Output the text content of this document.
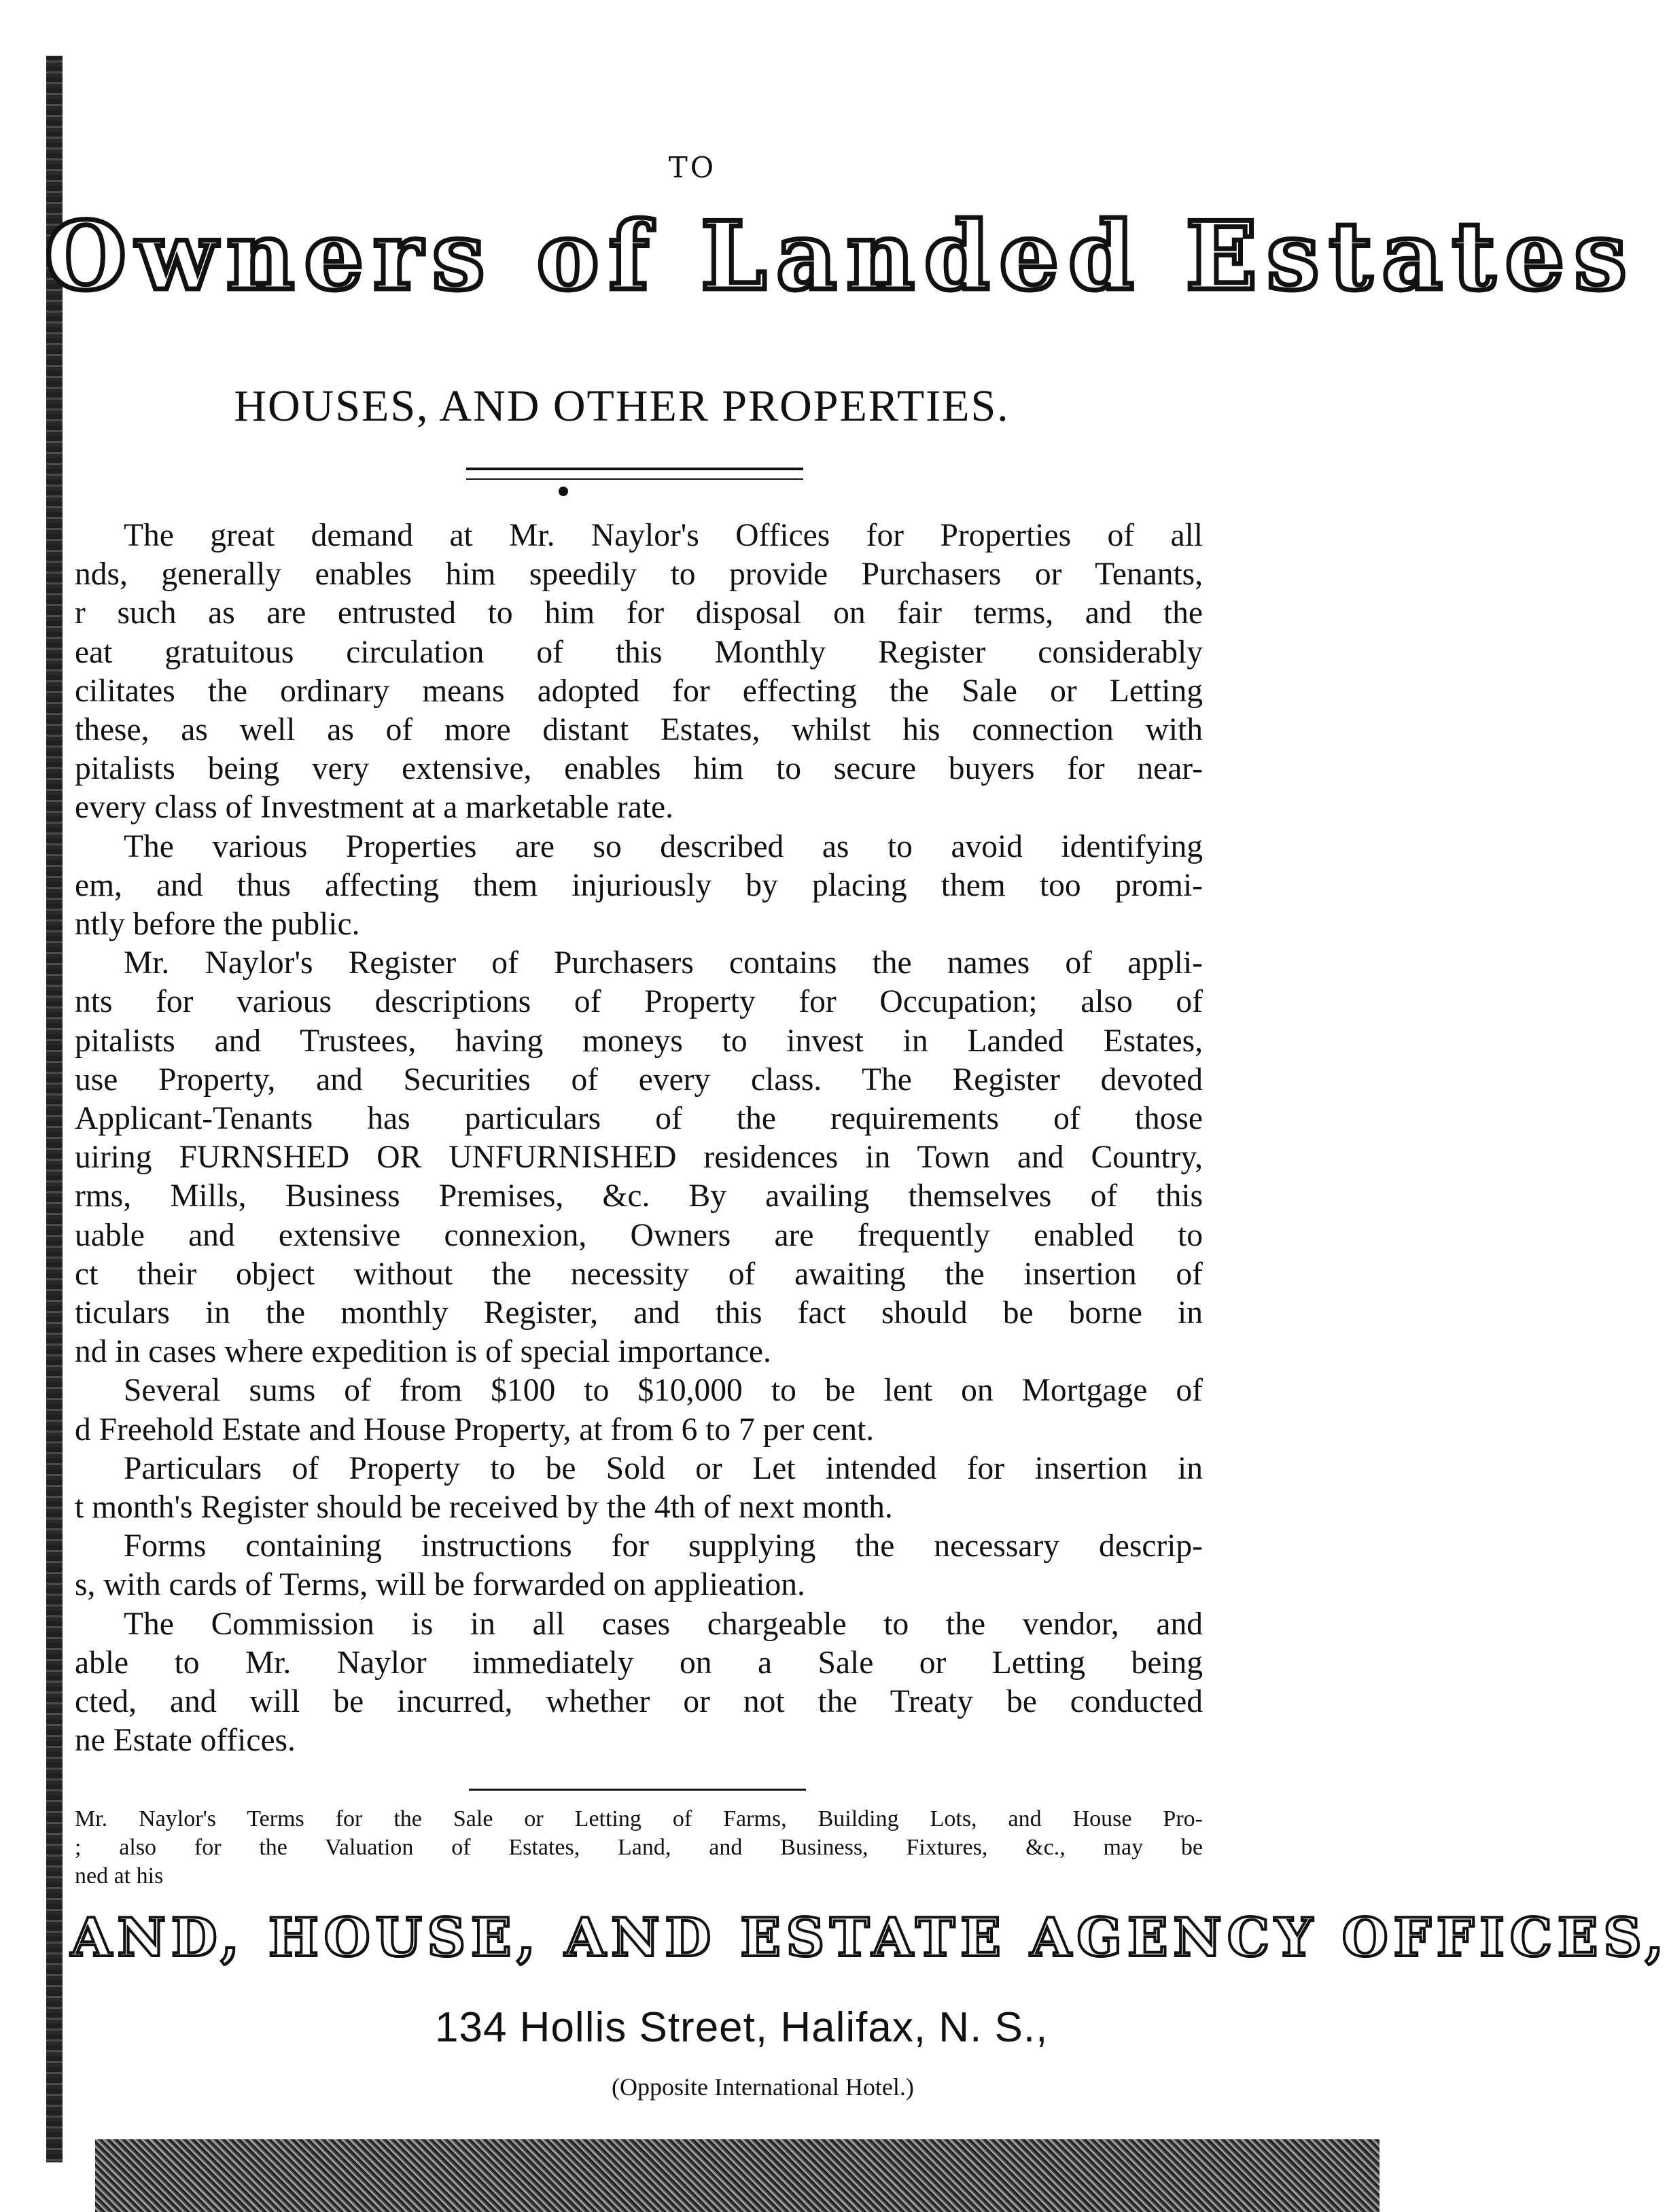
TO
Owners of Landed Estates
HOUSES, AND OTHER PROPERTIES.
The great demand at Mr. Naylor's Offices for Properties of all
nds, generally enables him speedily to provide Purchasers or Tenants,
r such as are entrusted to him for disposal on fair terms, and the
eat gratuitous circulation of this Monthly Register considerably
cilitates the ordinary means adopted for effecting the Sale or Letting
these, as well as of more distant Estates, whilst his connection with
pitalists being very extensive, enables him to secure buyers for near-
every class of Investment at a marketable rate.
The various Properties are so described as to avoid identifying
em, and thus affecting them injuriously by placing them too promi-
ntly before the public.
Mr. Naylor's Register of Purchasers contains the names of appli-
nts for various descriptions of Property for Occupation; also of
pitalists and Trustees, having moneys to invest in Landed Estates,
use Property, and Securities of every class. The Register devoted
Applicant-Tenants has particulars of the requirements of those
uiring FURNSHED OR UNFURNISHED residences in Town and Country,
rms, Mills, Business Premises, &c. By availing themselves of this
uable and extensive connexion, Owners are frequently enabled to
ct their object without the necessity of awaiting the insertion of
ticulars in the monthly Register, and this fact should be borne in
nd in cases where expedition is of special importance.
Several sums of from $100 to $10,000 to be lent on Mortgage of
d Freehold Estate and House Property, at from 6 to 7 per cent.
Particulars of Property to be Sold or Let intended for insertion in
t month's Register should be received by the 4th of next month.
Forms containing instructions for supplying the necessary descrip-
s, with cards of Terms, will be forwarded on applieation.
The Commission is in all cases chargeable to the vendor, and
able to Mr. Naylor immediately on a Sale or Letting being
cted, and will be incurred, whether or not the Treaty be conducted
ne Estate offices.
Mr. Naylor's Terms for the Sale or Letting of Farms, Building Lots, and House Pro-
; also for the Valuation of Estates, Land, and Business, Fixtures, &c., may be
ned at his
AND, HOUSE, AND ESTATE AGENCY OFFICES,
134 Hollis Street, Halifax, N. S.,
(Opposite International Hotel.)
